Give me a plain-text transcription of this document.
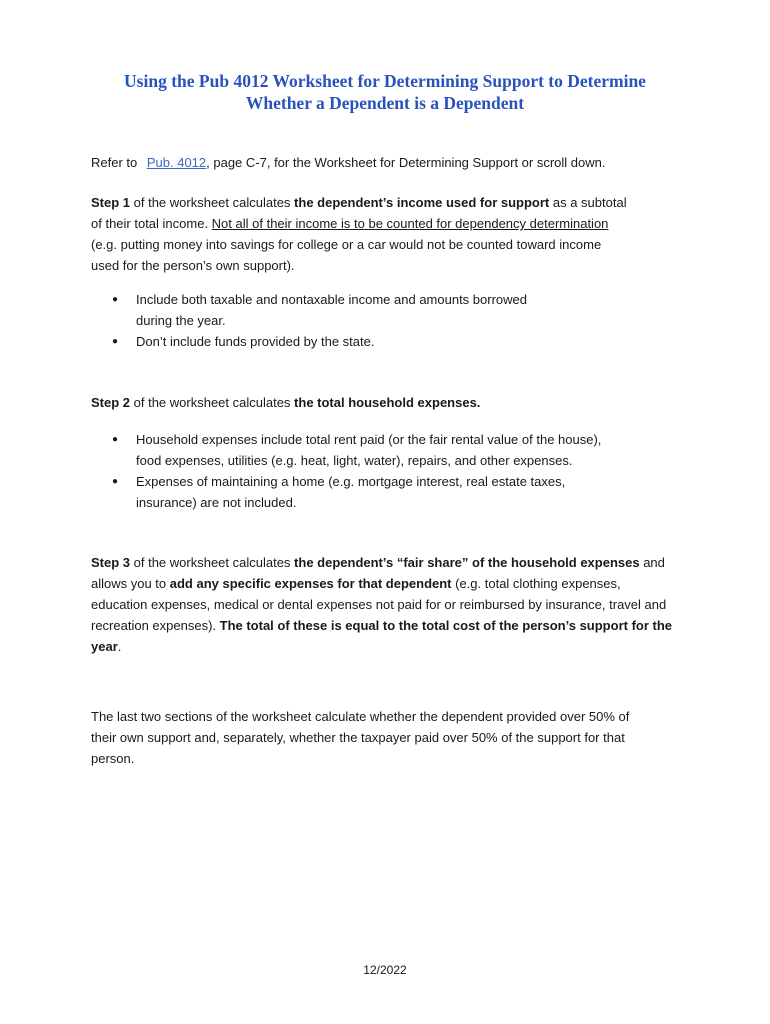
Using the Pub 4012 Worksheet for Determining Support to Determine
Whether a Dependent is a Dependent

Refer to Pub. 4012, page C-7, for the Worksheet for Determining Support or scroll down.

Step 1 of the worksheet calculates the dependent’s income used for support as a subtotal of their total income. Not all of their income is to be counted for dependency determination (e.g. putting money into savings for college or a car would not be counted toward income used for the person’s own support).

● Include both taxable and nontaxable income and amounts borrowed during the year.
● Don’t include funds provided by the state.

Step 2 of the worksheet calculates the total household expenses.

● Household expenses include total rent paid (or the fair rental value of the house), food expenses, utilities (e.g. heat, light, water), repairs, and other expenses.
● Expenses of maintaining a home (e.g. mortgage interest, real estate taxes, insurance) are not included.

Step 3 of the worksheet calculates the dependent’s “fair share” of the household expenses and allows you to add any specific expenses for that dependent (e.g. total clothing expenses, education expenses, medical or dental expenses not paid for or reimbursed by insurance, travel and recreation expenses). The total of these is equal to the total cost of the person’s support for the year.

The last two sections of the worksheet calculate whether the dependent provided over 50% of their own support and, separately, whether the taxpayer paid over 50% of the support for that person.

12/2022
